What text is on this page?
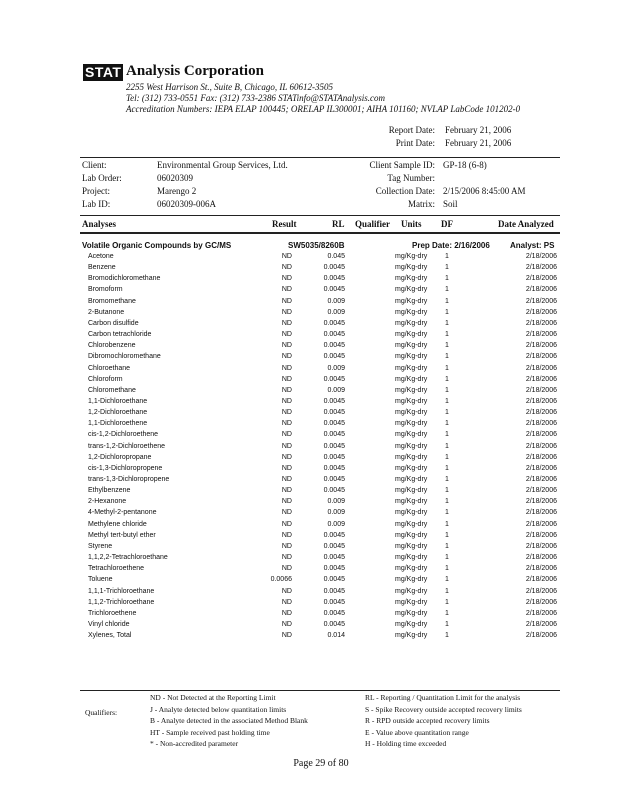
STAT Analysis Corporation
2255 West Harrison St., Suite B, Chicago, IL 60612-3505
Tel: (312) 733-0551 Fax: (312) 733-2386 STATinfo@STATAnalysis.com
Accreditation Numbers: IEPA ELAP 100445; ORELAP IL300001; AIHA 101160; NVLAP LabCode 101202-0
Report Date: February 21, 2006
Print Date: February 21, 2006
Client:	Environmental Group Services, Ltd.
Lab Order:	06020309
Project:	Marengo 2
Lab ID:	06020309-006A
Client Sample ID: GP-18 (6-8)
Tag Number:
Collection Date: 2/15/2006 8:45:00 AM
Matrix: Soil
Analyses	Result	RL Qualifier Units DF	Date Analyzed
Volatile Organic Compounds by GC/MS	SW5035/8260B	Prep Date: 2/16/2006	Analyst: PS
Acetone	ND	0.045	mg/Kg-dry	1	2/18/2006
Benzene	ND	0.0045	mg/Kg-dry	1	2/18/2006
Bromodichloromethane	ND	0.0045	mg/Kg-dry	1	2/18/2006
Bromoform	ND	0.0045	mg/Kg-dry	1	2/18/2006
Bromomethane	ND	0.009	mg/Kg-dry	1	2/18/2006
2-Butanone	ND	0.009	mg/Kg-dry	1	2/18/2006
Carbon disulfide	ND	0.0045	mg/Kg-dry	1	2/18/2006
Carbon tetrachloride	ND	0.0045	mg/Kg-dry	1	2/18/2006
Chlorobenzene	ND	0.0045	mg/Kg-dry	1	2/18/2006
Dibromochloromethane	ND	0.0045	mg/Kg-dry	1	2/18/2006
Chloroethane	ND	0.009	mg/Kg-dry	1	2/18/2006
Chloroform	ND	0.0045	mg/Kg-dry	1	2/18/2006
Chloromethane	ND	0.009	mg/Kg-dry	1	2/18/2006
1,1-Dichloroethane	ND	0.0045	mg/Kg-dry	1	2/18/2006
1,2-Dichloroethane	ND	0.0045	mg/Kg-dry	1	2/18/2006
1,1-Dichloroethene	ND	0.0045	mg/Kg-dry	1	2/18/2006
cis-1,2-Dichloroethene	ND	0.0045	mg/Kg-dry	1	2/18/2006
trans-1,2-Dichloroethene	ND	0.0045	mg/Kg-dry	1	2/18/2006
1,2-Dichloropropane	ND	0.0045	mg/Kg-dry	1	2/18/2006
cis-1,3-Dichloropropene	ND	0.0045	mg/Kg-dry	1	2/18/2006
trans-1,3-Dichloropropene	ND	0.0045	mg/Kg-dry	1	2/18/2006
Ethylbenzene	ND	0.0045	mg/Kg-dry	1	2/18/2006
2-Hexanone	ND	0.009	mg/Kg-dry	1	2/18/2006
4-Methyl-2-pentanone	ND	0.009	mg/Kg-dry	1	2/18/2006
Methylene chloride	ND	0.009	mg/Kg-dry	1	2/18/2006
Methyl tert-butyl ether	ND	0.0045	mg/Kg-dry	1	2/18/2006
Styrene	ND	0.0045	mg/Kg-dry	1	2/18/2006
1,1,2,2-Tetrachloroethane	ND	0.0045	mg/Kg-dry	1	2/18/2006
Tetrachloroethene	ND	0.0045	mg/Kg-dry	1	2/18/2006
Toluene	0.0066	0.0045	mg/Kg-dry	1	2/18/2006
1,1,1-Trichloroethane	ND	0.0045	mg/Kg-dry	1	2/18/2006
1,1,2-Trichloroethane	ND	0.0045	mg/Kg-dry	1	2/18/2006
Trichloroethene	ND	0.0045	mg/Kg-dry	1	2/18/2006
Vinyl chloride	ND	0.0045	mg/Kg-dry	1	2/18/2006
Xylenes, Total	ND	0.014	mg/Kg-dry	1	2/18/2006
Qualifiers:
ND - Not Detected at the Reporting Limit
J - Analyte detected below quantitation limits
B - Analyte detected in the associated Method Blank
HT - Sample received past holding time
* - Non-accredited parameter
RL - Reporting / Quantitation Limit for the analysis
S - Spike Recovery outside accepted recovery limits
R - RPD outside accepted recovery limits
E - Value above quantitation range
H - Holding time exceeded
Page 29 of 80
